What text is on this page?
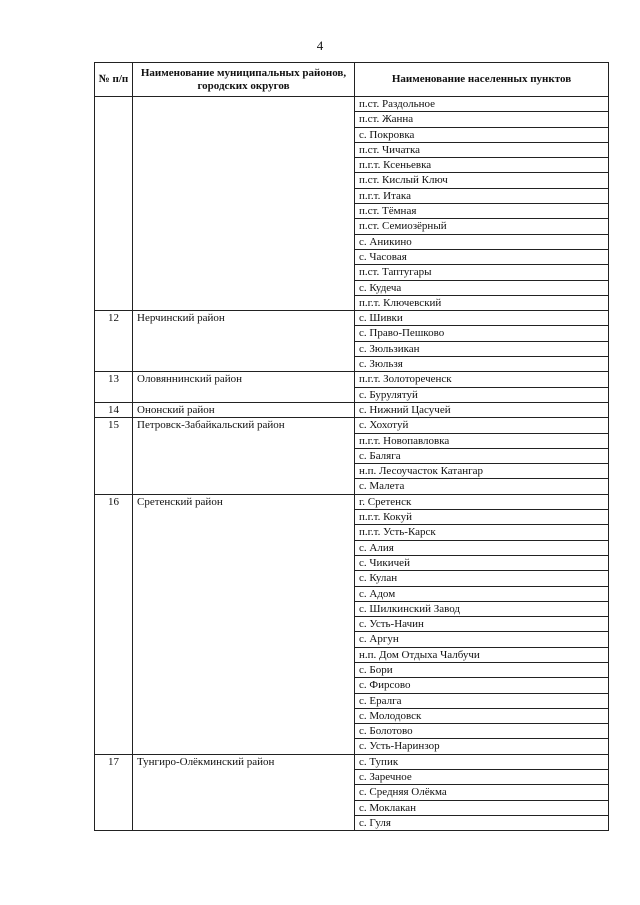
4
№ п/п	Наименование муниципальных районов, городских округов	Наименование населенных пунктов
		п.ст. Раздольное
		п.ст. Жанна
		с. Покровка
		п.ст. Чичатка
		п.г.т. Ксеньевка
		п.ст. Кислый Ключ
		п.г.т. Итака
		п.ст. Тёмная
		п.ст. Семиозёрный
		с. Аникино
		с. Часовая
		п.ст. Таптугары
		с. Кудеча
		п.г.т. Ключевский
12	Нерчинский район	с. Шивки
		с. Право-Пешково
		с. Зюльзикан
		с. Зюльзя
13	Оловяннинский район	п.г.т. Золотореченск
		с. Бурулятуй
14	Ононский район	с. Нижний Цасучей
15	Петровск-Забайкальский район	с. Хохотуй
		п.г.т. Новопавловка
		с. Баляга
		н.п. Лесоучасток Катангар
		с. Малета
16	Сретенский район	г. Сретенск
		п.г.т. Кокуй
		п.г.т. Усть-Карск
		с. Алия
		с. Чикичей
		с. Кулан
		с. Адом
		с. Шилкинский Завод
		с. Усть-Начин
		с. Аргун
		н.п. Дом Отдыха Чалбучи
		с. Бори
		с. Фирсово
		с. Ералга
		с. Молодовск
		с. Болотово
		с. Усть-Наринзор
17	Тунгиро-Олёкминский район	с. Тупик
		с. Заречное
		с. Средняя Олёкма
		с. Моклакан
		с. Гуля
